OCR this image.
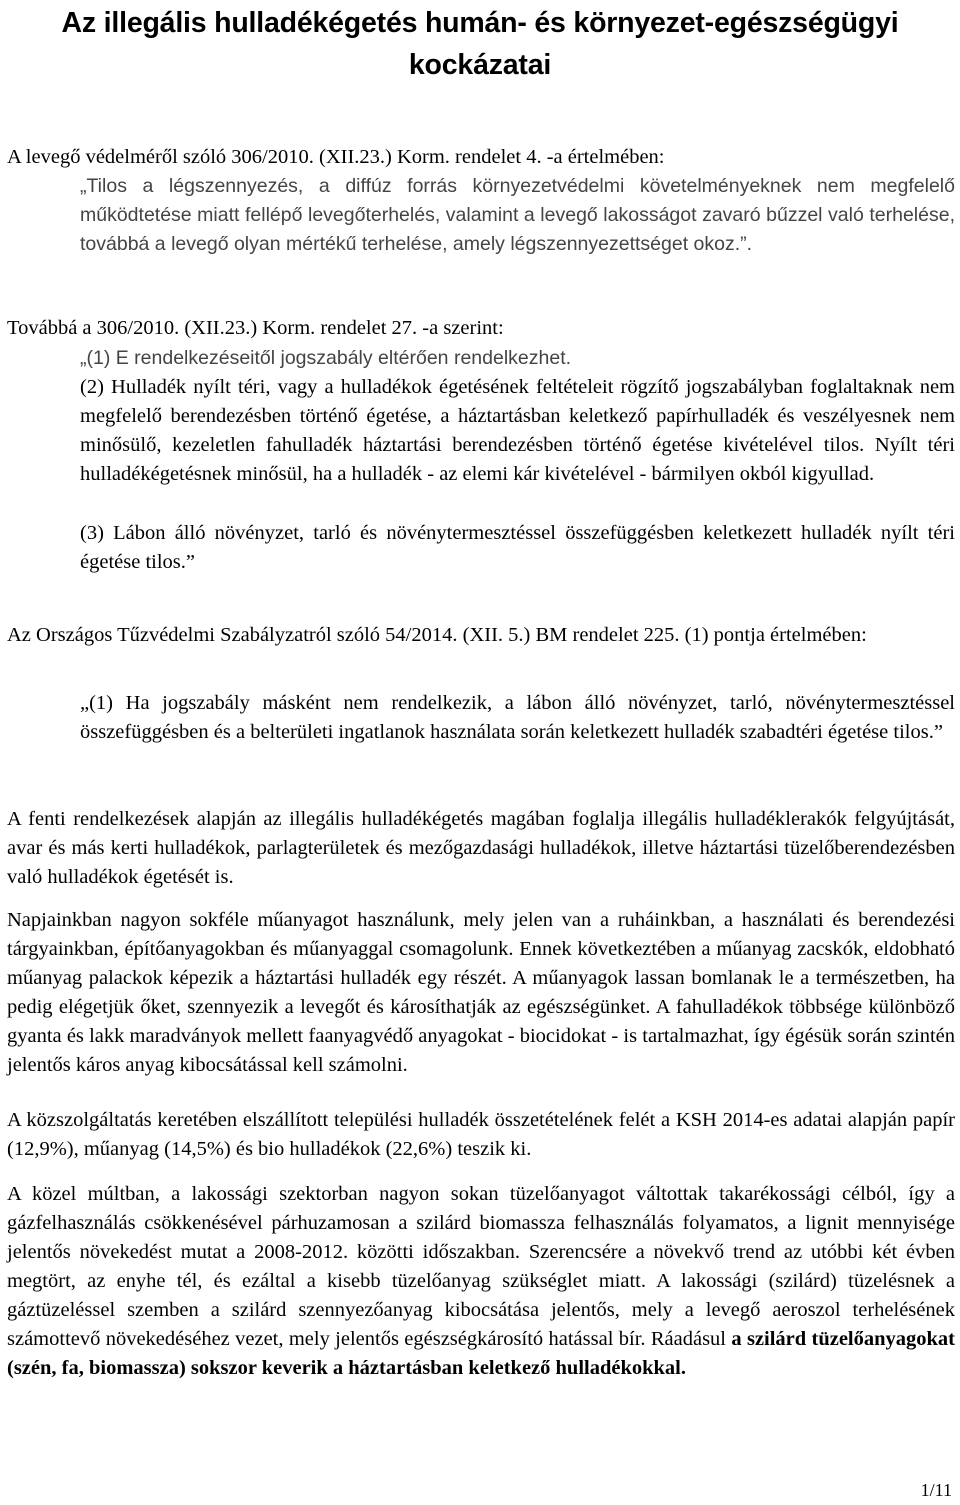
Az illegális hulladékégetés humán- és környezet-egészségügyi kockázatai

A levegő védelméről szóló 306/2010. (XII.23.) Korm. rendelet 4. -a értelmében:

„Tilos a légszennyezés, a diffúz forrás környezetvédelmi követelményeknek nem megfelelő működtetése miatt fellépő levegőterhelés, valamint a levegő lakosságot zavaró bűzzel való terhelése, továbbá a levegő olyan mértékű terhelése, amely légszennyezettséget okoz.”.

Továbbá a 306/2010. (XII.23.) Korm. rendelet 27. -a szerint:

„(1) E rendelkezéseitől jogszabály eltérően rendelkezhet.

(2) Hulladék nyílt téri, vagy a hulladékok égetésének feltételeit rögzítő jogszabályban foglaltaknak nem megfelelő berendezésben történő égetése, a háztartásban keletkező papírhulladék és veszélyesnek nem minősülő, kezeletlen fahulladék háztartási berendezésben történő égetése kivételével tilos. Nyílt téri hulladékégetésnek minősül, ha a hulladék - az elemi kár kivételével - bármilyen okból kigyullad.

(3) Lábon álló növényzet, tarló és növénytermesztéssel összefüggésben keletkezett hulladék nyílt téri égetése tilos.”

Az Országos Tűzvédelmi Szabályzatról szóló 54/2014. (XII. 5.) BM rendelet 225. (1) pontja értelmében:

„(1) Ha jogszabály másként nem rendelkezik, a lábon álló növényzet, tarló, növénytermesztéssel összefüggésben és a belterületi ingatlanok használata során keletkezett hulladék szabadtéri égetése tilos.”

A fenti rendelkezések alapján az illegális hulladékégetés magában foglalja illegális hulladéklerakók felgyújtását, avar és más kerti hulladékok, parlagterületek és mezőgazdasági hulladékok, illetve háztartási tüzelőberendezésben való hulladékok égetését is.

Napjainkban nagyon sokféle műanyagot használunk, mely jelen van a ruháinkban, a használati és berendezési tárgyainkban, építőanyagokban és műanyaggal csomagolunk. Ennek következtében a műanyag zacskók, eldobható műanyag palackok képezik a háztartási hulladék egy részét. A műanyagok lassan bomlanak le a természetben, ha pedig elégetjük őket, szennyezik a levegőt és károsíthatják az egészségünket. A fahulladékok többsége különböző gyanta és lakk maradványok mellett faanyagvédő anyagokat - biocidokat - is tartalmazhat, így égésük során szintén jelentős káros anyag kibocsátással kell számolni.

A közszolgáltatás keretében elszállított települési hulladék összetételének felét a KSH 2014-es adatai alapján papír (12,9%), műanyag (14,5%) és bio hulladékok (22,6%) teszik ki.

A közel múltban, a lakossági szektorban nagyon sokan tüzelőanyagot váltottak takarékossági célból, így a gázfelhasználás csökkenésével párhuzamosan a szilárd biomassza felhasználás folyamatos, a lignit mennyisége jelentős növekedést mutat a 2008-2012. közötti időszakban. Szerencsére a növekvő trend az utóbbi két évben megtört, az enyhe tél, és ezáltal a kisebb tüzelőanyag szükséglet miatt. A lakossági (szilárd) tüzelésnek a gáztüzeléssel szemben a szilárd szennyezőanyag kibocsátása jelentős, mely a levegő aeroszol terhelésének számottevő növekedéséhez vezet, mely jelentős egészségkárosító hatással bír. Ráadásul a szilárd tüzelőanyagokat (szén, fa, biomassza) sokszor keverik a háztartásban keletkező hulladékokkal.

1/11
